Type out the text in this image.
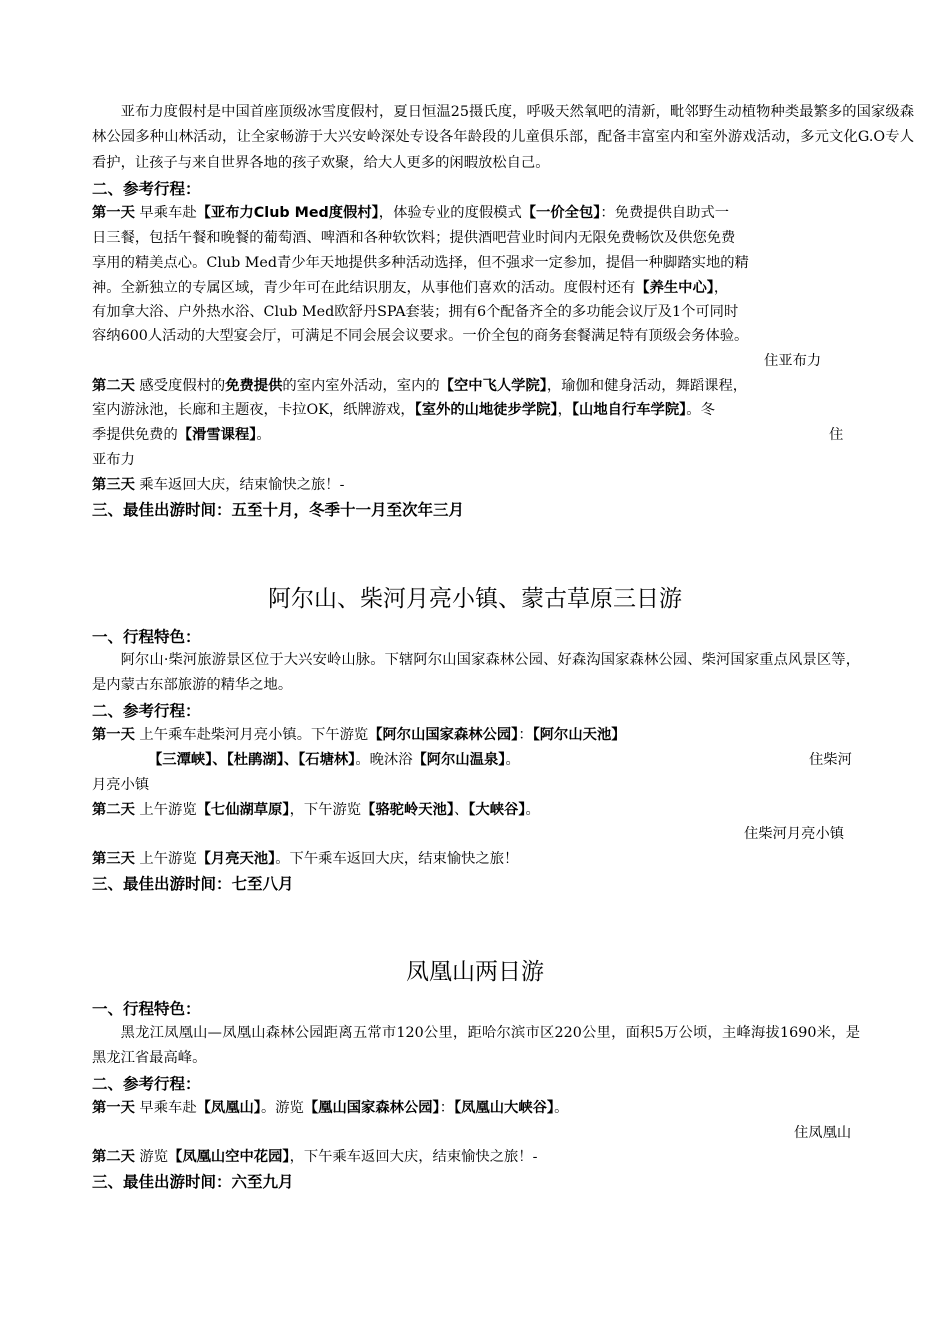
亚布力度假村是中国首座顶级冰雪度假村，夏日恒温25摄氏度，呼吸天然氧吧的清新，毗邻野生动植物种类最繁多的国家级森林公园多种山林活动，让全家畅游于大兴安岭深处专设各年龄段的儿童俱乐部，配备丰富室内和室外游戏活动，多元文化G.O专人看护，让孩子与来自世界各地的孩子欢聚，给大人更多的闲暇放松自己。

二、参考行程：

第一天 早乘车赴【亚布力Club Med度假村】，体验专业的度假模式【一价全包】：免费提供自助式一

日三餐，包括午餐和晚餐的葡萄酒、啤酒和各种软饮料；提供酒吧营业时间内无限免费畅饮及供您免费

享用的精美点心。Club Med青少年天地提供多种活动选择，但不强求一定参加，提倡一种脚踏实地的精

神。全新独立的专属区域，青少年可在此结识朋友，从事他们喜欢的活动。度假村还有【养生中心】，

有加拿大浴、户外热水浴、Club Med欧舒丹SPA套装；拥有6个配备齐全的多功能会议厅及1个可同时

容纳600人活动的大型宴会厅，可满足不同会展会议要求。一价全包的商务套餐满足特有顶级会务体验。

住亚布力

第二天 感受度假村的免费提供的室内室外活动，室内的【空中飞人学院】，瑜伽和健身活动，舞蹈课程，

室内游泳池，长廊和主题夜，卡拉OK，纸牌游戏，【室外的山地徒步学院】，【山地自行车学院】。冬

季提供免费的【滑雪课程】。	住

亚布力

第三天 乘车返回大庆，结束愉快之旅！-

三、最佳出游时间：五至十月，冬季十一月至次年三月

阿尔山、柴河月亮小镇、蒙古草原三日游

一、行程特色：

阿尔山·柴河旅游景区位于大兴安岭山脉。下辖阿尔山国家森林公园、好森沟国家森林公园、柴河国家重点风景区等，是内蒙古东部旅游的精华之地。

二、参考行程：

第一天 上午乘车赴柴河月亮小镇。下午游览【阿尔山国家森林公园】：【阿尔山天池】

【三潭峡】、【杜鹃湖】、【石塘林】。晚沐浴【阿尔山温泉】。	住柴河

月亮小镇

第二天 上午游览【七仙湖草原】，下午游览【骆驼岭天池】、【大峡谷】。

住柴河月亮小镇

第三天 上午游览【月亮天池】。下午乘车返回大庆，结束愉快之旅！

三、最佳出游时间：七至八月

凤凰山两日游

一、行程特色：

黑龙江凤凰山—凤凰山森林公园距离五常市120公里，距哈尔滨市区220公里，面积5万公顷，主峰海拔1690米，是黑龙江省最高峰。

二、参考行程：

第一天 早乘车赴【凤凰山】。游览【凰山国家森林公园】：【凤凰山大峡谷】。

住凤凰山

第二天 游览【凤凰山空中花园】，下午乘车返回大庆，结束愉快之旅！-

三、最佳出游时间：六至九月
